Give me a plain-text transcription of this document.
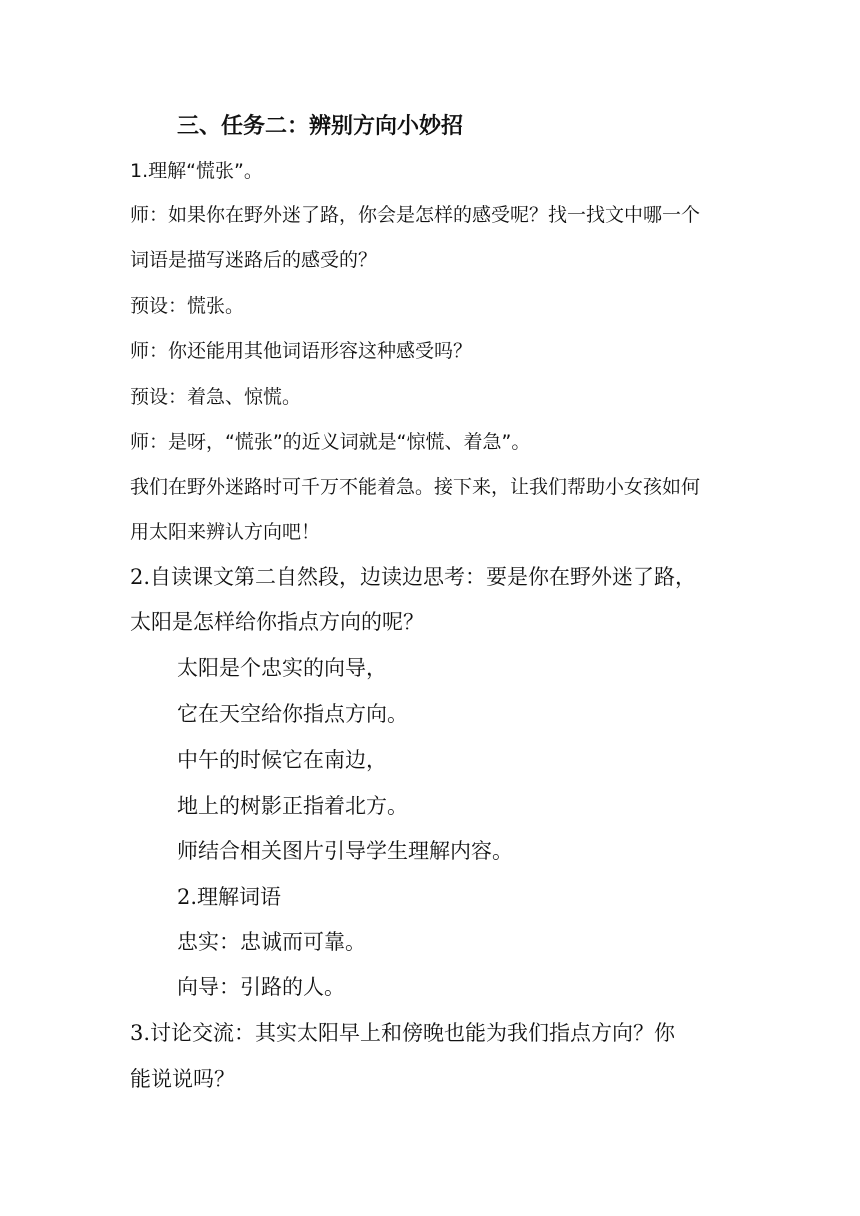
三、任务二：辨别方向小妙招
1.理解“慌张”。
师：如果你在野外迷了路，你会是怎样的感受呢？找一找文中哪一个
词语是描写迷路后的感受的？
预设：慌张。
师：你还能用其他词语形容这种感受吗？
预设：着急、惊慌。
师：是呀，“慌张”的近义词就是“惊慌、着急”。
我们在野外迷路时可千万不能着急。接下来，让我们帮助小女孩如何
用太阳来辨认方向吧！
2.自读课文第二自然段，边读边思考：要是你在野外迷了路，
太阳是怎样给你指点方向的呢？
太阳是个忠实的向导，
它在天空给你指点方向。
中午的时候它在南边，
地上的树影正指着北方。
师结合相关图片引导学生理解内容。
2.理解词语
忠实：忠诚而可靠。
向导：引路的人。
3.讨论交流：其实太阳早上和傍晚也能为我们指点方向？你
能说说吗？
